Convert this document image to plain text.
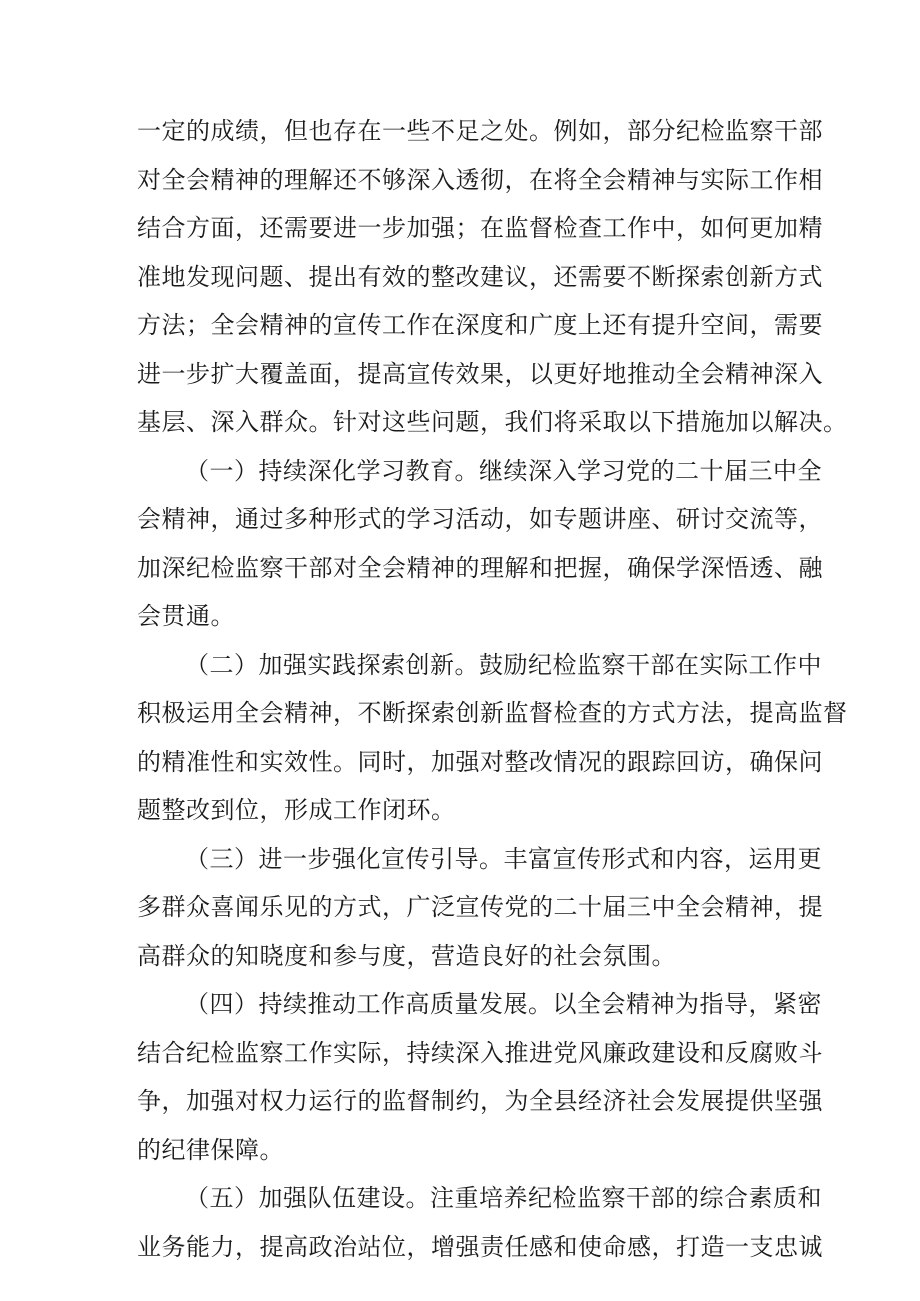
一定的成绩，但也存在一些不足之处。例如，部分纪检监察干部
对全会精神的理解还不够深入透彻，在将全会精神与实际工作相
结合方面，还需要进一步加强；在监督检查工作中，如何更加精
准地发现问题、提出有效的整改建议，还需要不断探索创新方式
方法；全会精神的宣传工作在深度和广度上还有提升空间，需要
进一步扩大覆盖面，提高宣传效果，以更好地推动全会精神深入
基层、深入群众。针对这些问题，我们将采取以下措施加以解决。
（一）持续深化学习教育。继续深入学习党的二十届三中全
会精神，通过多种形式的学习活动，如专题讲座、研讨交流等，
加深纪检监察干部对全会精神的理解和把握，确保学深悟透、融
会贯通。
（二）加强实践探索创新。鼓励纪检监察干部在实际工作中
积极运用全会精神，不断探索创新监督检查的方式方法，提高监督
的精准性和实效性。同时，加强对整改情况的跟踪回访，确保问
题整改到位，形成工作闭环。
（三）进一步强化宣传引导。丰富宣传形式和内容，运用更
多群众喜闻乐见的方式，广泛宣传党的二十届三中全会精神，提
高群众的知晓度和参与度，营造良好的社会氛围。
（四）持续推动工作高质量发展。以全会精神为指导，紧密
结合纪检监察工作实际，持续深入推进党风廉政建设和反腐败斗
争，加强对权力运行的监督制约，为全县经济社会发展提供坚强
的纪律保障。
（五）加强队伍建设。注重培养纪检监察干部的综合素质和
业务能力，提高政治站位，增强责任感和使命感，打造一支忠诚
